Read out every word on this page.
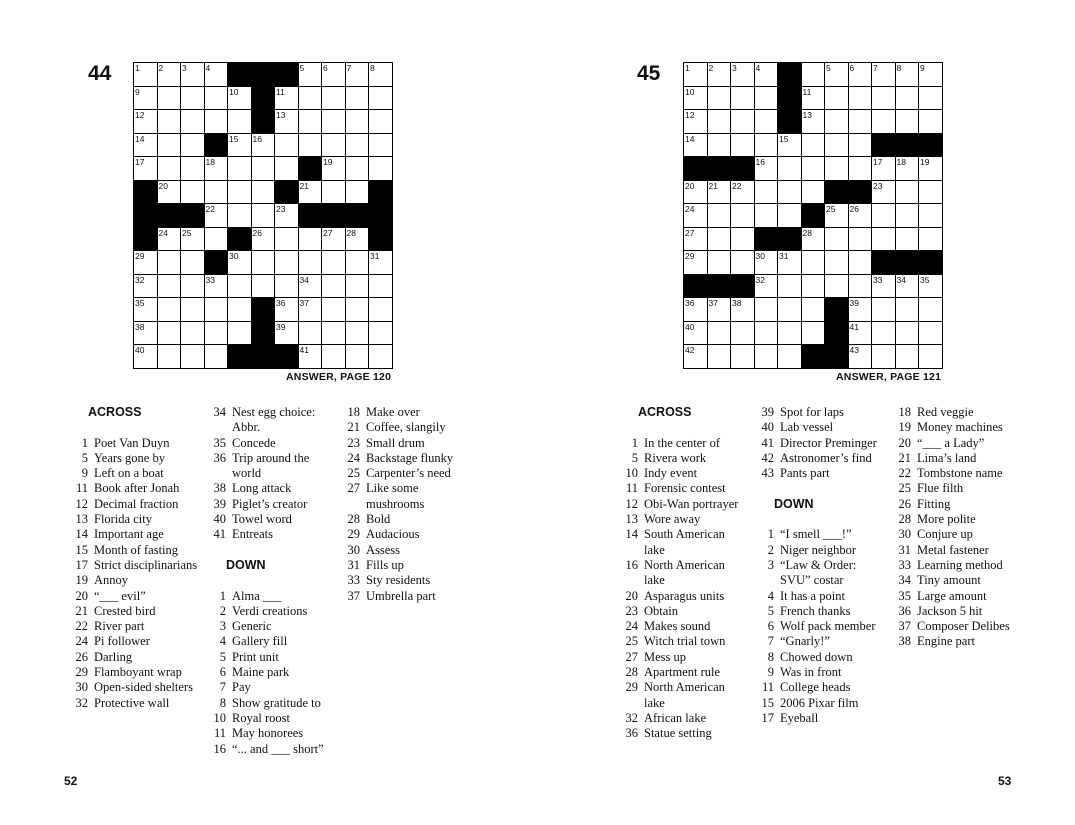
44	1 2 3 4	5 6 7 8
9	10	11
12	13
14	15 16
17	18	19
20	21
22	23
24 25	26	27 28
29	30	31
32	33	34
35	36 37
38	39
40	41
ANSWER, PAGE 120
ACROSS
1 Poet Van Duyn
5 Years gone by
9 Left on a boat
11 Book after Jonah
12 Decimal fraction
13 Florida city
14 Important age
15 Month of fasting
17 Strict disciplinarians
19 Annoy
20 “___ evil”
21 Crested bird
22 River part
24 Pi follower
26 Darling
29 Flamboyant wrap
30 Open-sided shelters
32 Protective wall
34 Nest egg choice: Abbr.
35 Concede
36 Trip around the world
38 Long attack
39 Piglet’s creator
40 Towel word
41 Entreats
DOWN
1 Alma ___
2 Verdi creations
3 Generic
4 Gallery fill
5 Print unit
6 Maine park
7 Pay
8 Show gratitude to
10 Royal roost
11 May honorees
16 “... and ___ short”
18 Make over
21 Coffee, slangily
23 Small drum
24 Backstage flunky
25 Carpenter’s need
27 Like some mushrooms
28 Bold
29 Audacious
30 Assess
31 Fills up
33 Sty residents
37 Umbrella part
52
45	1 2 3 4	5 6 7 8 9
10	11
12	13
14	15
16	17 18 19
20 21 22	23
24	25 26
27	28
29	30 31
32	33 34 35
36 37 38	39
40	41
42	43
ANSWER, PAGE 121
ACROSS
1 In the center of
5 Rivera work
10 Indy event
11 Forensic contest
12 Obi-Wan portrayer
13 Wore away
14 South American lake
16 North American lake
20 Asparagus units
23 Obtain
24 Makes sound
25 Witch trial town
27 Mess up
28 Apartment rule
29 North American lake
32 African lake
36 Statue setting
39 Spot for laps
40 Lab vessel
41 Director Preminger
42 Astronomer’s find
43 Pants part
DOWN
1 “I smell ___!”
2 Niger neighbor
3 “Law & Order: SVU” costar
4 It has a point
5 French thanks
6 Wolf pack member
7 “Gnarly!”
8 Chowed down
9 Was in front
11 College heads
15 2006 Pixar film
17 Eyeball
18 Red veggie
19 Money machines
20 “___ a Lady”
21 Lima’s land
22 Tombstone name
25 Flue filth
26 Fitting
28 More polite
30 Conjure up
31 Metal fastener
33 Learning method
34 Tiny amount
35 Large amount
36 Jackson 5 hit
37 Composer Delibes
38 Engine part
53
